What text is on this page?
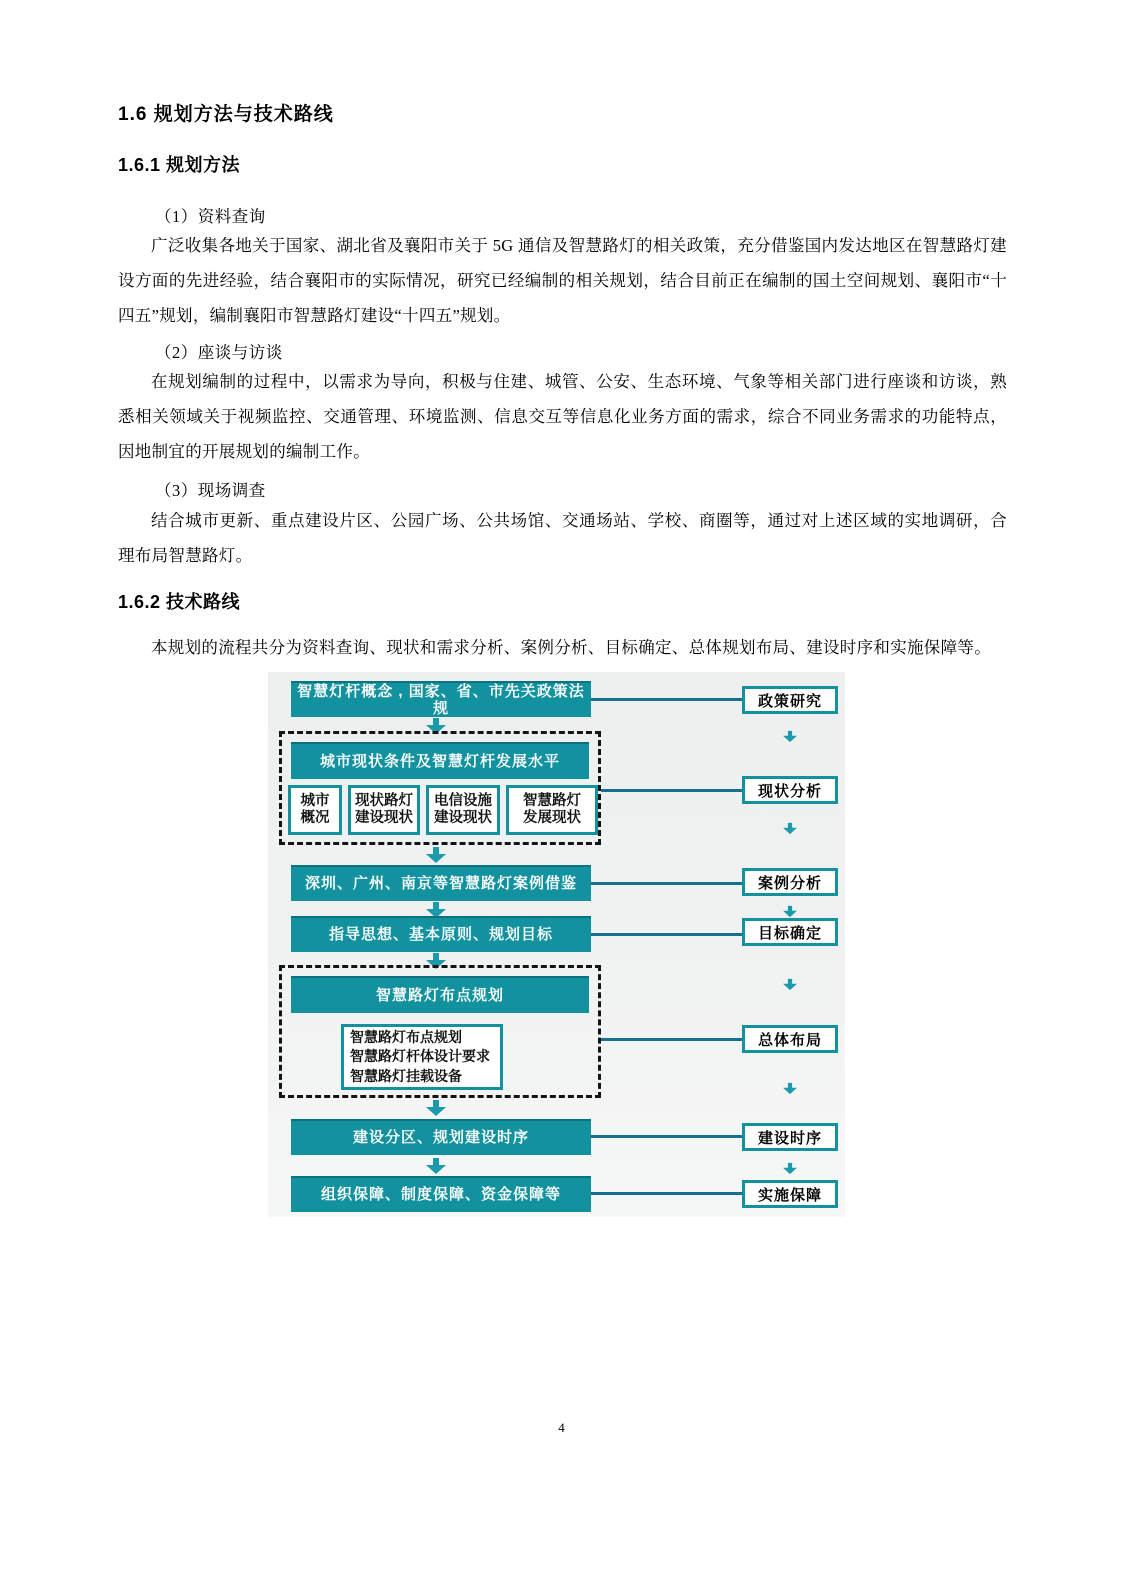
1.6 规划方法与技术路线
1.6.1 规划方法

（1）资料查询

广泛收集各地关于国家、湖北省及襄阳市关于 5G 通信及智慧路灯的相关政策，充分借鉴国内发达地区在智慧路灯建设方面的先进经验，结合襄阳市的实际情况，研究已经编制的相关规划，结合目前正在编制的国土空间规划、襄阳市“十四五”规划，编制襄阳市智慧路灯建设“十四五”规划。

（2）座谈与访谈

在规划编制的过程中，以需求为导向，积极与住建、城管、公安、生态环境、气象等相关部门进行座谈和访谈，熟悉相关领域关于视频监控、交通管理、环境监测、信息交互等信息化业务方面的需求，综合不同业务需求的功能特点，因地制宜的开展规划的编制工作。

（3）现场调查

结合城市更新、重点建设片区、公园广场、公共场馆、交通场站、学校、商圈等，通过对上述区域的实地调研，合理布局智慧路灯。

1.6.2 技术路线

本规划的流程共分为资料查询、现状和需求分析、案例分析、目标确定、总体规划布局、建设时序和实施保障等。

智慧灯杆概念 , 国家、省、市先关政策法规
城市现状条件及智慧灯杆发展水平
城市
概况
现状路灯
建设现状
电信设施
建设现状
智慧路灯
发展现状
深圳、广州、南京等智慧路灯案例借鉴
指导思想、基本原则、规划目标
智慧路灯布点规划
智慧路灯布点规划
智慧路灯杆体设计要求
智慧路灯挂载设备
建设分区、规划建设时序
组织保障、制度保障、资金保障等
政策研究
现状分析
案例分析
目标确定
总体布局
建设时序
实施保障
4
